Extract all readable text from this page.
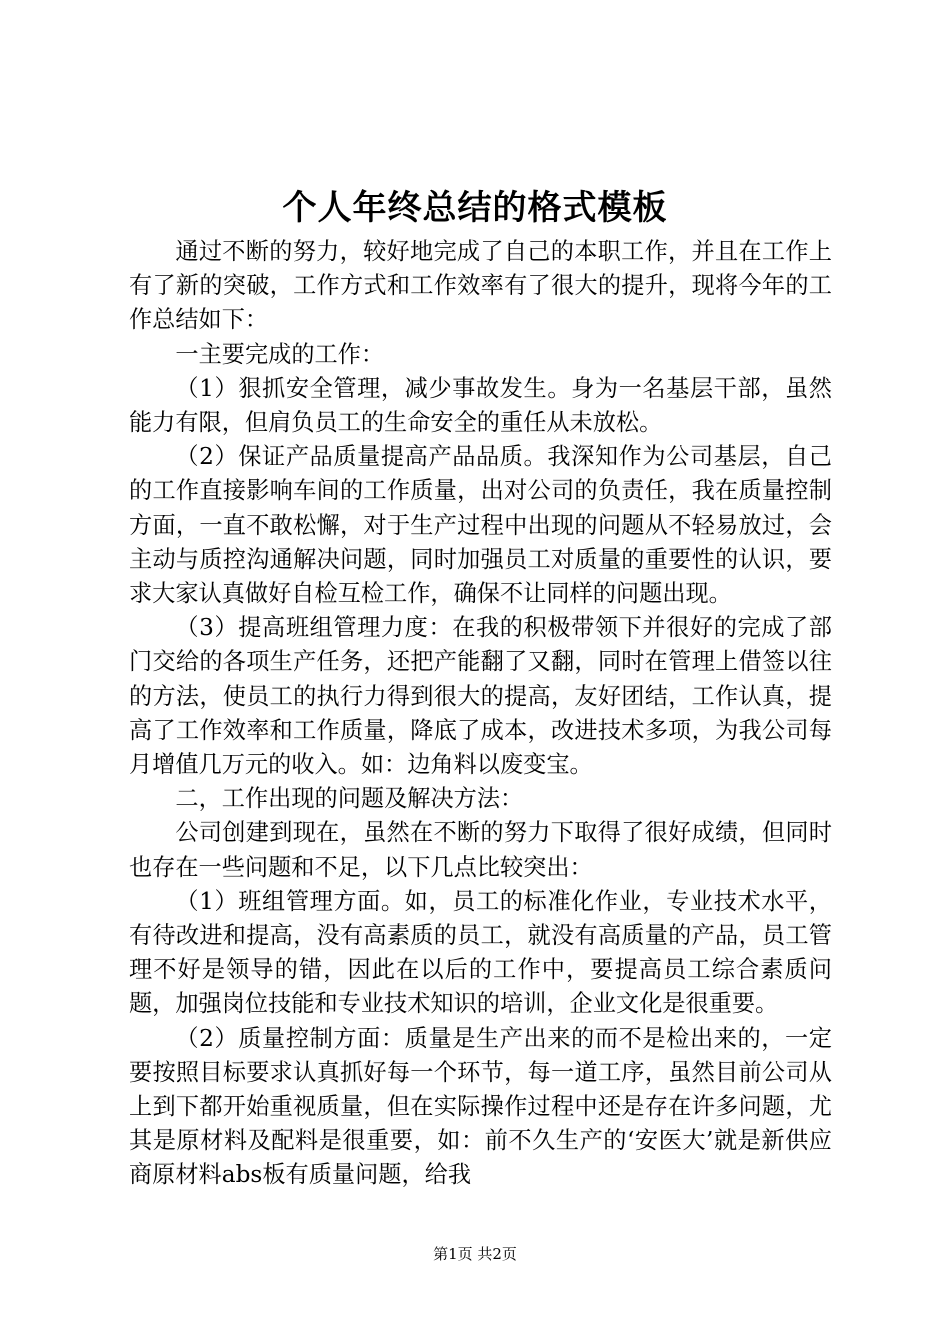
个人年终总结的格式模板

通过不断的努力，较好地完成了自己的本职工作，并且在工作上有了新的突破，工作方式和工作效率有了很大的提升，现将今年的工作总结如下：

一主要完成的工作：

（1）狠抓安全管理，减少事故发生。身为一名基层干部，虽然能力有限，但肩负员工的生命安全的重任从未放松。

（2）保证产品质量提高产品品质。我深知作为公司基层，自己的工作直接影响车间的工作质量，出对公司的负责任，我在质量控制方面，一直不敢松懈，对于生产过程中出现的问题从不轻易放过，会主动与质控沟通解决问题，同时加强员工对质量的重要性的认识，要求大家认真做好自检互检工作，确保不让同样的问题出现。

（3）提高班组管理力度：在我的积极带领下并很好的完成了部门交给的各项生产任务，还把产能翻了又翻，同时在管理上借签以往的方法，使员工的执行力得到很大的提高，友好团结，工作认真，提高了工作效率和工作质量，降底了成本，改进技术多项，为我公司每月增值几万元的收入。如：边角料以废变宝。

二，工作出现的问题及解决方法：

公司创建到现在，虽然在不断的努力下取得了很好成绩，但同时也存在一些问题和不足，以下几点比较突出：

（1）班组管理方面。如，员工的标准化作业，专业技术水平，有待改进和提高，没有高素质的员工，就没有高质量的产品，员工管理不好是领导的错，因此在以后的工作中，要提高员工综合素质问题，加强岗位技能和专业技术知识的培训，企业文化是很重要。

（2）质量控制方面：质量是生产出来的而不是检出来的，一定要按照目标要求认真抓好每一个环节，每一道工序，虽然目前公司从上到下都开始重视质量，但在实际操作过程中还是存在许多问题，尤其是原材料及配料是很重要，如：前不久生产的‘安医大’就是新供应商原材料abs板有质量问题，给我

第1页 共2页
